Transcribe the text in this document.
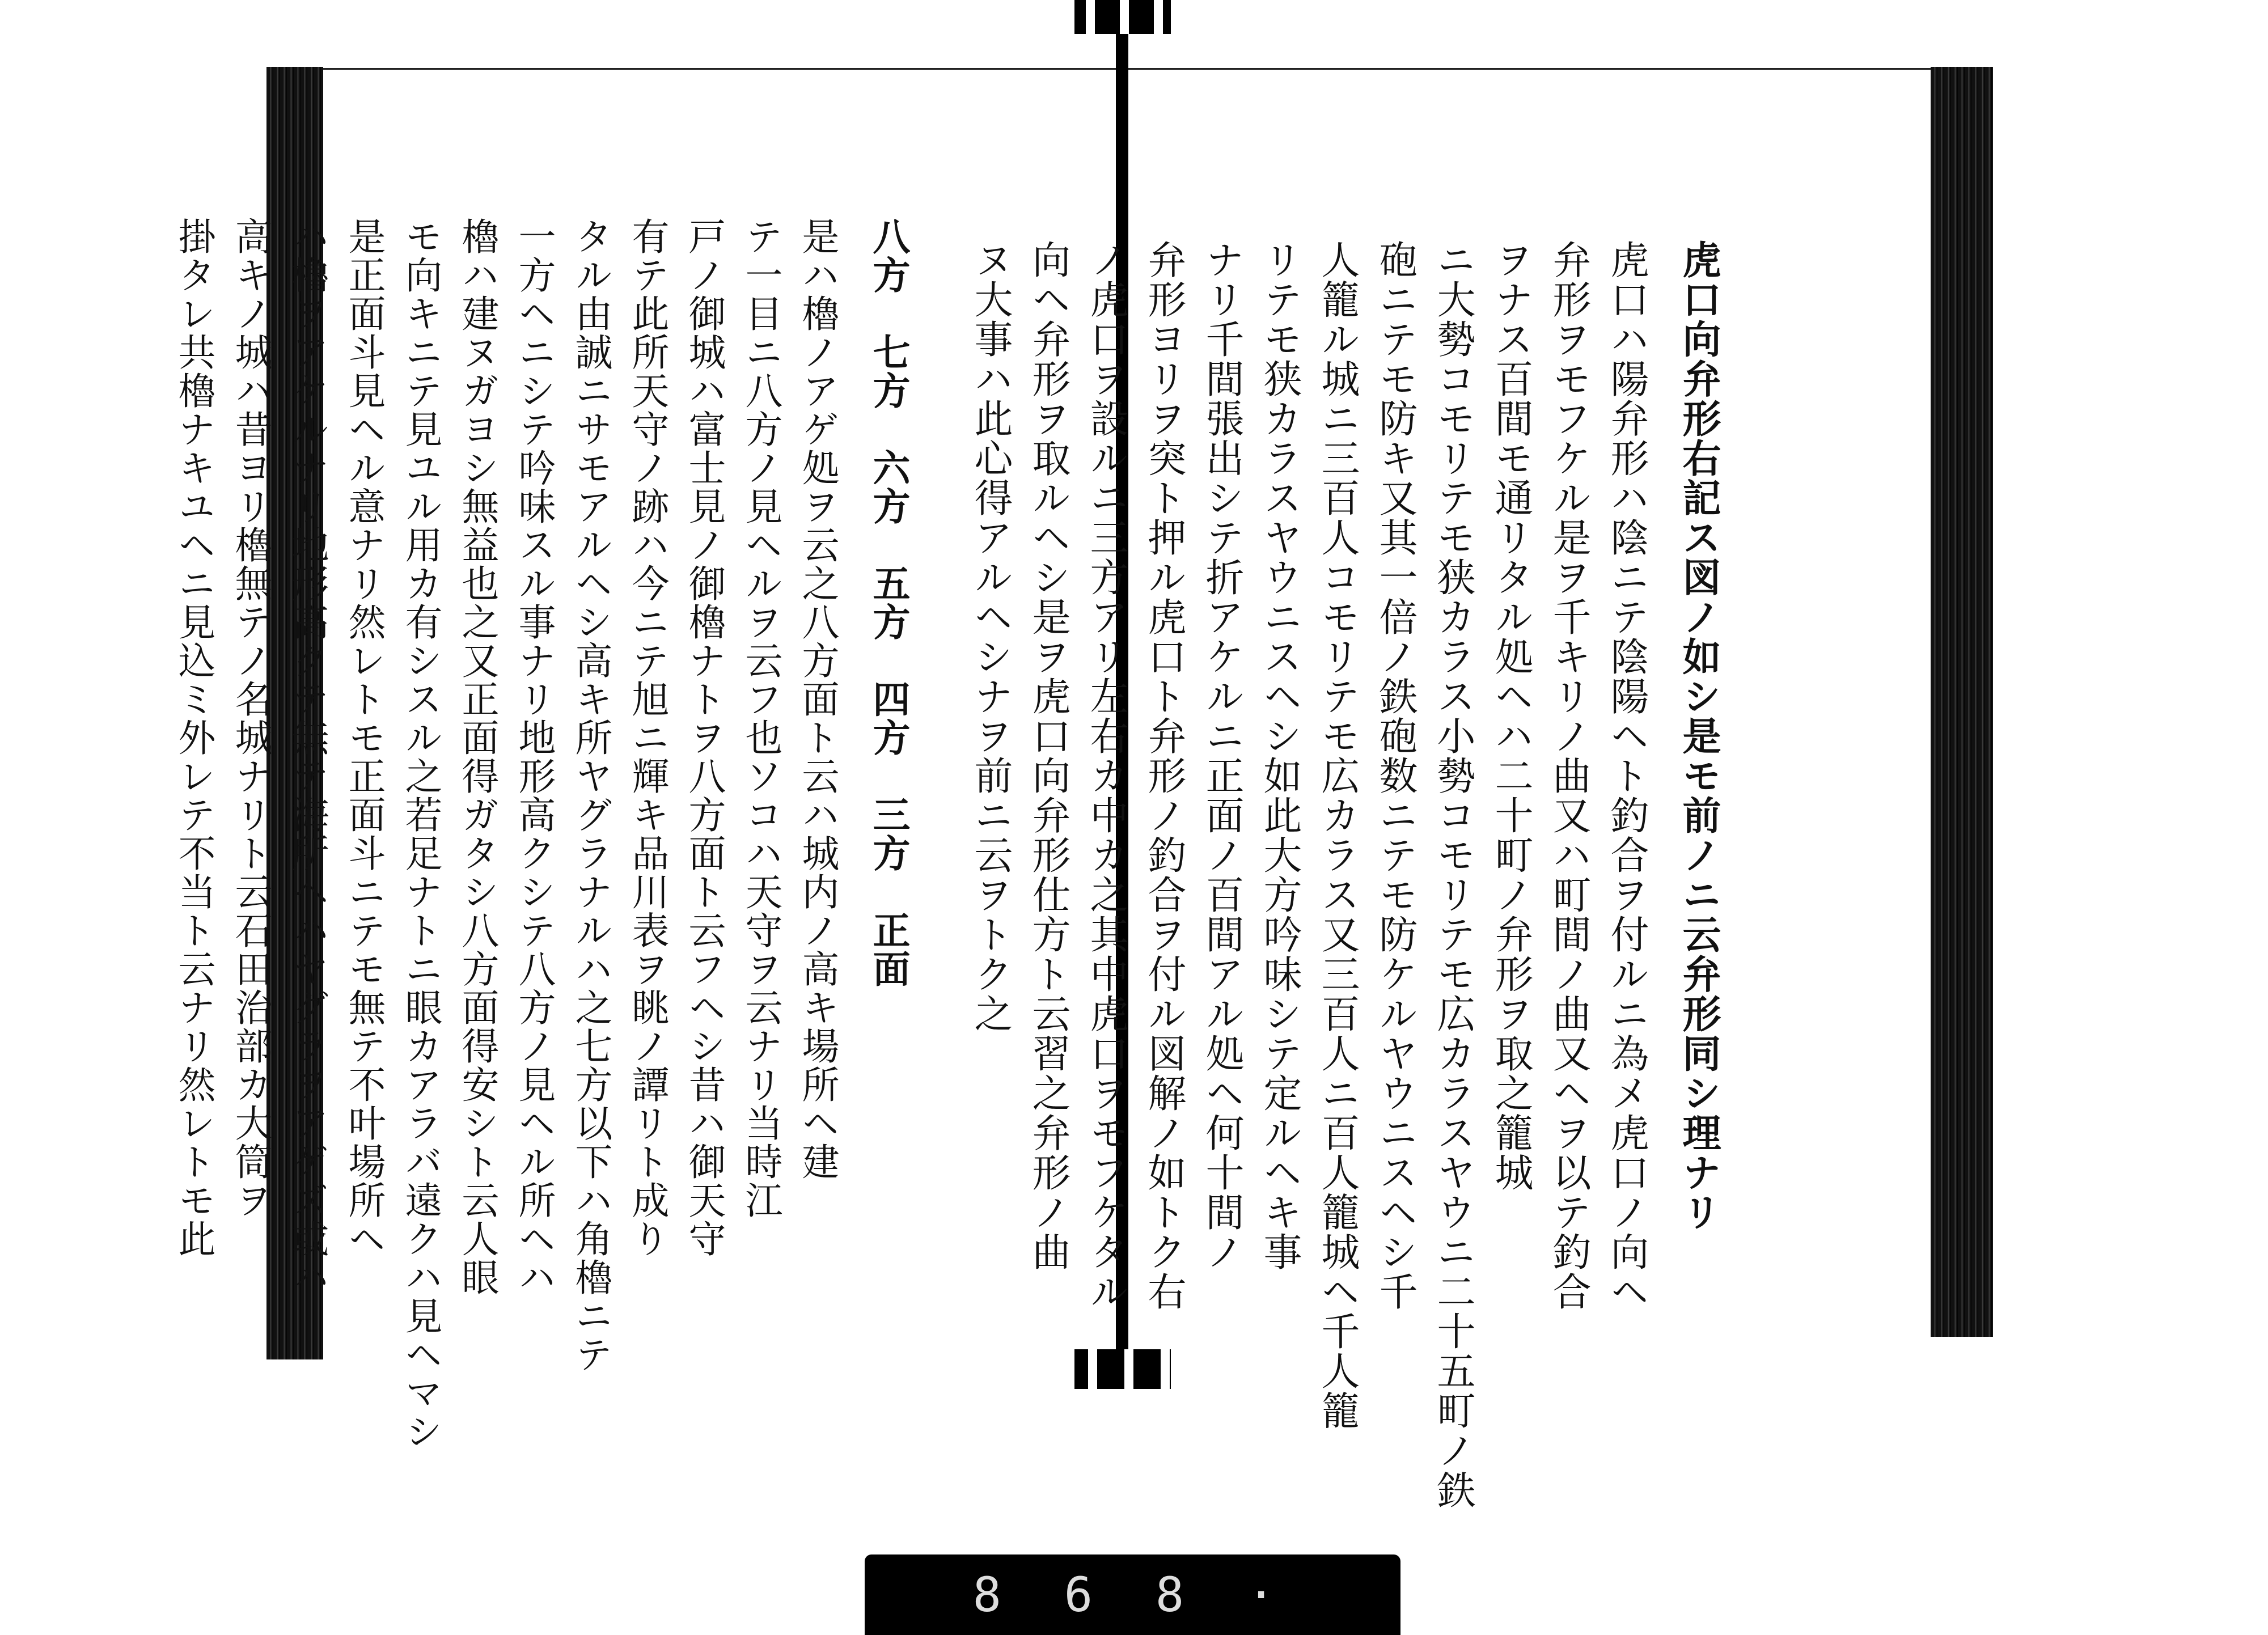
八方　七方　六方　五方　四方　三方　正面
是ハ櫓ノアゲ処ヲ云之八方面ト云ハ城内ノ高キ場所ヘ建
テ一目ニ八方ノ見ヘルヲ云フ也ソコハ天守ヲ云ナリ当時江
戸ノ御城ハ富士見ノ御櫓ナトヲ八方面ト云フヘシ昔ハ御天守
有テ此所天守ノ跡ハ今ニテ旭ニ輝キ品川表ヲ眺ノ譚リト成り
タル由誠ニサモアルヘシ高キ所ヤグラナルハ之七方以下ハ角櫓ニテ
一方ヘニシテ吟味スル事ナリ地形高クシテ八方ノ見ヘル所ヘハ
櫓ハ建ヌガヨシ無益也之又正面得ガタシ八方面得安シト云人眼
モ向キニテ見ユル用カ有シスル之若足ナトニ眼カアラバ遠クハ見ヘマシ
是正面斗見ヘル意ナリ然レトモ正面斗ニテモ無テ不叶場所ヘ
ハ櫓ヲアケルナリ地形高クテ無テ海所ヘハヤグラヲアゲズ或ハ
高キノ城ハ昔ヨリ櫓無テノ名城ナリト云石田治部カ大筒ヲ
掛タレ共櫓ナキユヘニ見込ミ外レテ不当ト云ナリ然レトモ此	虎口向弁形右記ス図ノ如シ是モ前ノニ云弁形同シ理ナリ
虎口ハ陽弁形ハ陰ニテ陰陽ヘト釣合ヲ付ルニ為メ虎口ノ向ヘ
弁形ヲモフケル是ヲ千キリノ曲又ハ町間ノ曲又ヘヲ以テ釣合
ヲナス百間モ通リタル処ヘハ二十町ノ弁形ヲ取之籠城
ニ大勢コモリテモ狭カラス小勢コモリテモ広カラスヤウニ二十五町ノ鉄
砲ニテモ防キ又其一倍ノ鉄砲数ニテモ防ケルヤウニスヘシ千
人籠ル城ニ三百人コモリテモ広カラス又三百人ニ百人籠城ヘ千人籠
リテモ狭カラスヤウニスヘシ如此大方吟味シテ定ルヘキ事
ナリ千間張出シテ折アケルニ正面ノ百間アル処ヘ何十間ノ
弁形ヨリヲ突ト押ル虎口ト弁形ノ釣合ヲ付ル図解ノ如トク右
ノ虎口ヲ設ルニ三方アリ左右カ中カ之其中虎口ヲモフケタル
向ヘ弁形ヲ取ルヘシ是ヲ虎口向弁形仕方ト云習之弁形ノ曲
ヌ大事ハ此心得アルヘシナヲ前ニ云ヲトク之
8 6 8 ·
